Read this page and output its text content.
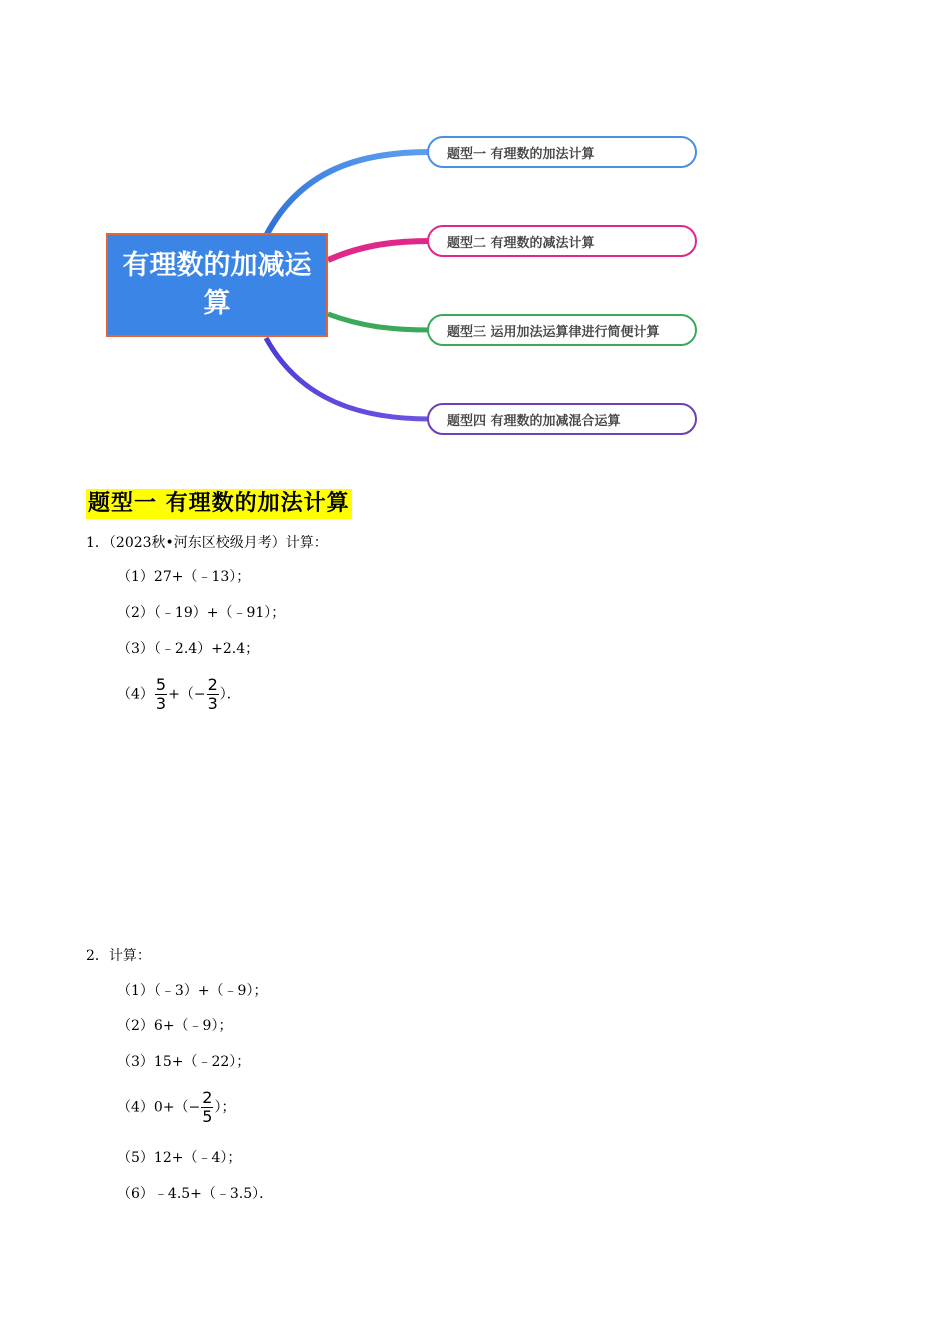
有理数的加减运算
题型一 有理数的加法计算
题型二 有理数的减法计算
题型三 运用加法运算律进行简便计算
题型四 有理数的加减混合运算
题型一 有理数的加法计算
1．（2023秋•河东区校级月考）计算：
（1）27+（﹣13）；
（2）（﹣19）+（﹣91）；
（3）（﹣2.4）+2.4；
$(4) \frac{5}{3}$ +（− $\frac{2}{3}$ ）．
2．计算：
（1）（﹣3）+（﹣9）；
（2）6+（﹣9）；
（3）15+（﹣22）；
$(4)0+(- \frac{2}{5}$ ）；
（5）12+（﹣4）；
（6）﹣4.5+（﹣3.5）．
